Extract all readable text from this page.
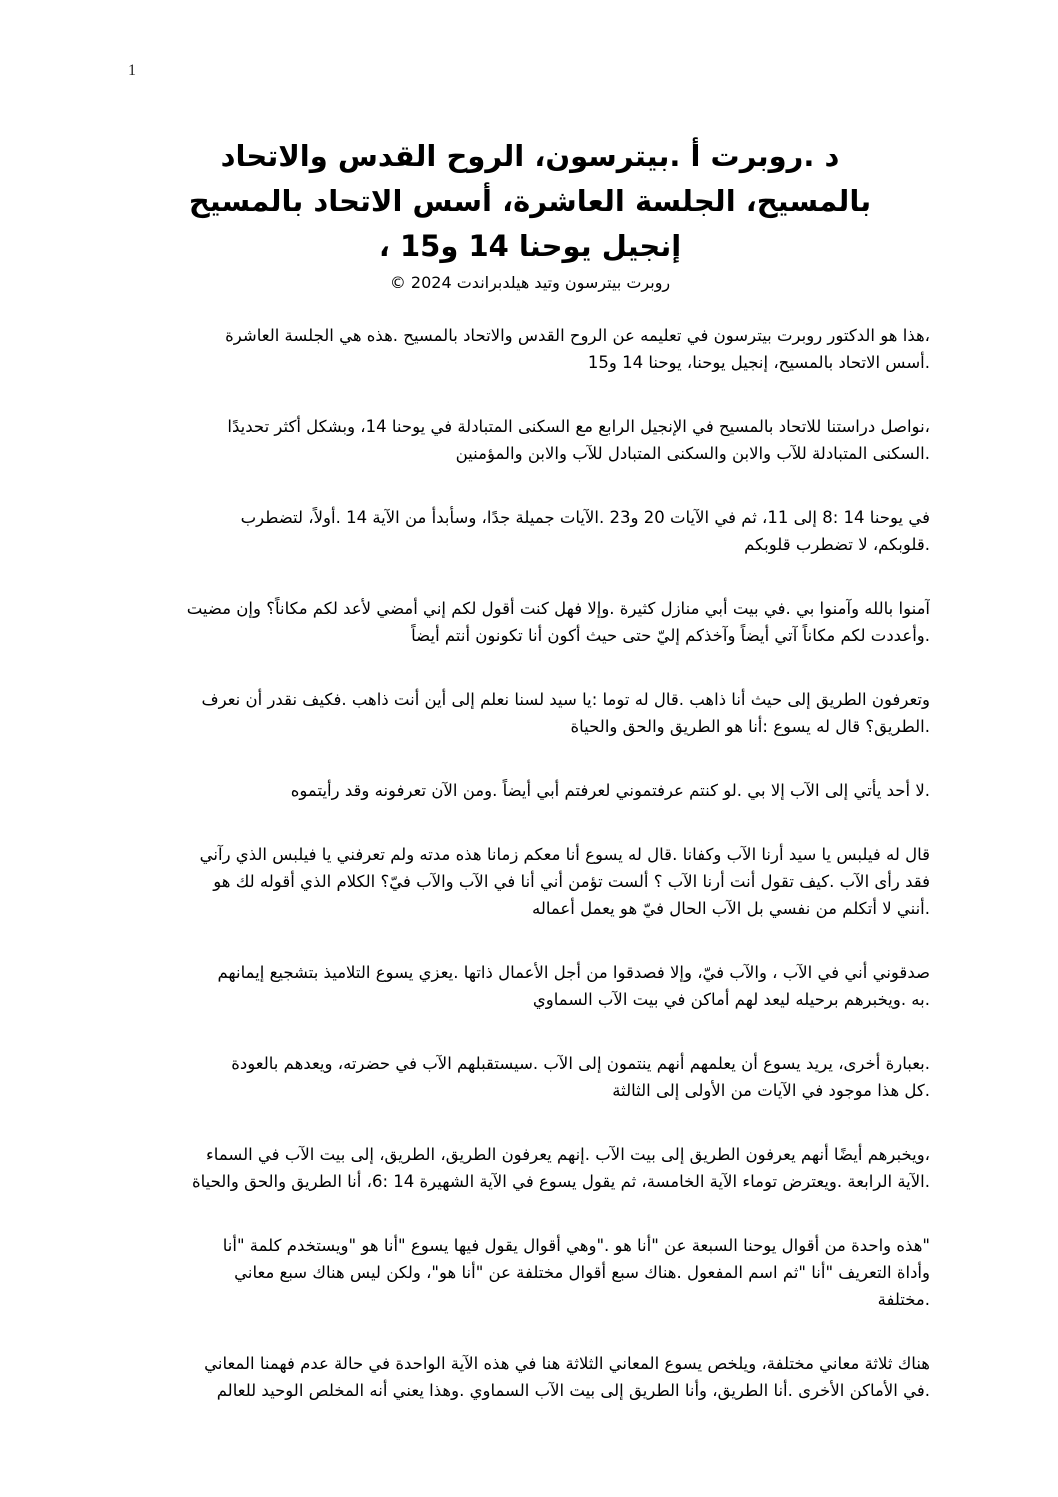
1
د .روبرت أ .بيترسون، الروح القدس والاتحاد
بالمسيح، الجلسة العاشرة، أسس الاتحاد بالمسيح
إنجيل يوحنا 14 و15 ،
روبرت بيترسون وتيد هيلدبراندت 2024 ©
،هذا هو الدكتور روبرت بيترسون في تعليمه عن الروح القدس والاتحاد بالمسيح .هذه هي الجلسة العاشرة
.أسس الاتحاد بالمسيح، إنجيل يوحنا، يوحنا 14 و15
،نواصل دراستنا للاتحاد بالمسيح في الإنجيل الرابع مع السكنى المتبادلة في يوحنا 14، وبشكل أكثر تحديدًا
.السكنى المتبادلة للآب والابن والسكنى المتبادل للآب والابن والمؤمنين
في يوحنا 14 :8 إلى 11، ثم في الآيات 20 و23 .الآيات جميلة جدًا، وسأبدأ من الآية 14 .أولاً، لتضطرب
.قلوبكم، لا تضطرب قلوبكم
آمنوا بالله وآمنوا بي .في بيت أبي منازل كثيرة .وإلا فهل كنت أقول لكم إني أمضي لأعد لكم مكاناً؟ وإن مضيت
.وأعددت لكم مكاناً آتي أيضاً وآخذكم إليّ حتى حيث أكون أنا تكونون أنتم أيضاً
وتعرفون الطريق إلى حيث أنا ذاهب .قال له توما :يا سيد لسنا نعلم إلى أين أنت ذاهب .فكيف نقدر أن نعرف
.الطريق؟ قال له يسوع :أنا هو الطريق والحق والحياة
.لا أحد يأتي إلى الآب إلا بي .لو كنتم عرفتموني لعرفتم أبي أيضاً .ومن الآن تعرفونه وقد رأيتموه
قال له فيلبس يا سيد أرنا الآب وكفانا .قال له يسوع أنا معكم زمانا هذه مدته ولم تعرفني يا فيلبس الذي رآني
فقد رأى الآب .كيف تقول أنت أرنا الآب ؟ ألست تؤمن أني أنا في الآب والآب فيّ؟ الكلام الذي أقوله لك هو
.أنني لا أتكلم من نفسي بل الآب الحال فيّ هو يعمل أعماله
صدقوني أني في الآب ، والآب فيّ، وإلا فصدقوا من أجل الأعمال ذاتها .يعزي يسوع التلاميذ بتشجيع إيمانهم
.به .ويخبرهم برحيله ليعد لهم أماكن في بيت الآب السماوي
.بعبارة أخرى، يريد يسوع أن يعلمهم أنهم ينتمون إلى الآب .سيستقبلهم الآب في حضرته، ويعدهم بالعودة
.كل هذا موجود في الآيات من الأولى إلى الثالثة
،ويخبرهم أيضًا أنهم يعرفون الطريق إلى بيت الآب .إنهم يعرفون الطريق، الطريق، إلى بيت الآب في السماء
.الآية الرابعة .ويعترض توماء الآية الخامسة، ثم يقول يسوع في الآية الشهيرة 14 :6، أنا الطريق والحق والحياة
"هذه واحدة من أقوال يوحنا السبعة عن "أنا هو ."وهي أقوال يقول فيها يسوع "أنا هو "ويستخدم كلمة "أنا
وأداة التعريف "أنا "ثم اسم المفعول .هناك سبع أقوال مختلفة عن "أنا هو"، ولكن ليس هناك سبع معاني
.مختلفة
هناك ثلاثة معاني مختلفة، ويلخص يسوع المعاني الثلاثة هنا في هذه الآية الواحدة في حالة عدم فهمنا المعاني
.في الأماكن الأخرى .أنا الطريق، وأنا الطريق إلى بيت الآب السماوي .وهذا يعني أنه المخلص الوحيد للعالم
